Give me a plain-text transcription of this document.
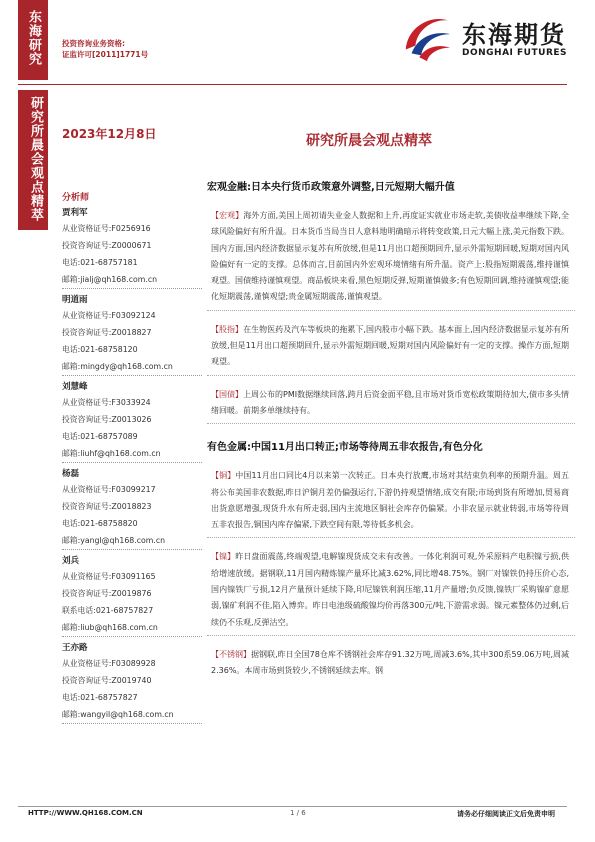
东海研究
研究所晨会观点精萃
投资咨询业务资格:
证监许可[2011]1771号
东海期货
DONGHAI FUTURES
2023年12月8日	研究所晨会观点精萃
分析师
贾利军
从业资格证号:F0256916
投资咨询证号:Z0000671
电话:021-68757181
邮箱:jialj@qh168.com.cn
明道雨
从业资格证号:F03092124
投资咨询证号:Z0018827
电话:021-68758120
邮箱:mingdy@qh168.com.cn
刘慧峰
从业资格证号:F3033924
投资咨询证号:Z0013026
电话:021-68757089
邮箱:liuhf@qh168.com.cn
杨磊
从业资格证号:F03099217
投资咨询证号:Z0018823
电话:021-68758820
邮箱:yangl@qh168.com.cn
刘兵
从业资格证号:F03091165
投资咨询证号:Z0019876
联系电话:021-68757827
邮箱:liub@qh168.com.cn
王亦路
从业资格证号:F03089928
投资咨询证号:Z0019740
电话:021-68757827
邮箱:wangyil@qh168.com.cn
宏观金融:日本央行货币政策意外调整,日元短期大幅升值
【宏观】海外方面,美国上周初请失业金人数据和上升,再度证实就业市场走软,美债收益率继续下降,全球风险偏好有所升温。日本货币当局当日人意料地明确暗示将转变政策,日元大幅上涨,美元指数下跌。国内方面,国内经济数据显示复苏有所放缓,但是11月出口超预期回升,显示外需短期回暖,短期对国内风险偏好有一定的支撑。总体而言,目前国内外宏观环境情绪有所升温。资产上:股指短期震荡,维持谨慎观望。国债维持谨慎观望。商品板块来看,黑色短期反弹,短期谨慎做多;有色短期回调,维持谨慎观望;能化短期震荡,谨慎观望;贵金属短期震荡,谨慎观望。
【股指】在生物医药及汽车等板块的拖累下,国内股市小幅下跌。基本面上,国内经济数据显示复苏有所放缓,但是11月出口超预期回升,显示外需短期回暖,短期对国内风险偏好有一定的支撑。操作方面,短期观望。
【国债】上周公布的PMI数据继续回落,跨月后资金面平稳,且市场对货币宽松政策期待加大,债市多头情绪回暖。前期多单继续持有。
有色金属:中国11月出口转正;市场等待周五非农报告,有色分化
【铜】中国11月出口同比4月以来第一次转正。日本央行放鹰,市场对其结束负利率的预期升温。周五将公布美国非农数据,昨日沪铜月差仍偏强运行,下游仍持观望情绪,成交有限;市场到货有所增加,贸易商出货意愿增强,现货升水有所走弱,国内主流地区铜社会库存仍偏紧。小非农显示就业转弱,市场等待周五非农报告,铜国内库存偏紧,下跌空间有限,等待低多机会。
【镍】昨日盘面震荡,终端观望,电解镍现货成交未有改善。一体化利润可观,外采原料产电积镍亏损,供给增速放缓。据钢联,11月国内精炼镍产量环比减3.62%,同比增48.75%。钢厂对镍铁仍持压价心态,国内镍铁厂亏损,12月产量预计延续下降,印尼镍铁利润压缩,11月产量增;负反馈,镍铁厂采购镍矿意愿弱,镍矿利润不佳,陷入博弈。昨日电池级硫酸镍均价再落300元/吨,下游需求弱。镍元素整体仍过剩,后续仍不乐观,反弹沽空。
【不锈钢】据钢联,昨日全国78仓库不锈钢社会库存91.32万吨,周减3.6%,其中300系59.06万吨,周减2.36%。本周市场到货较少,不锈钢延续去库。钢
HTTP://WWW.QH168.COM.CN	1 / 6	请务必仔细阅读正文后免责申明
